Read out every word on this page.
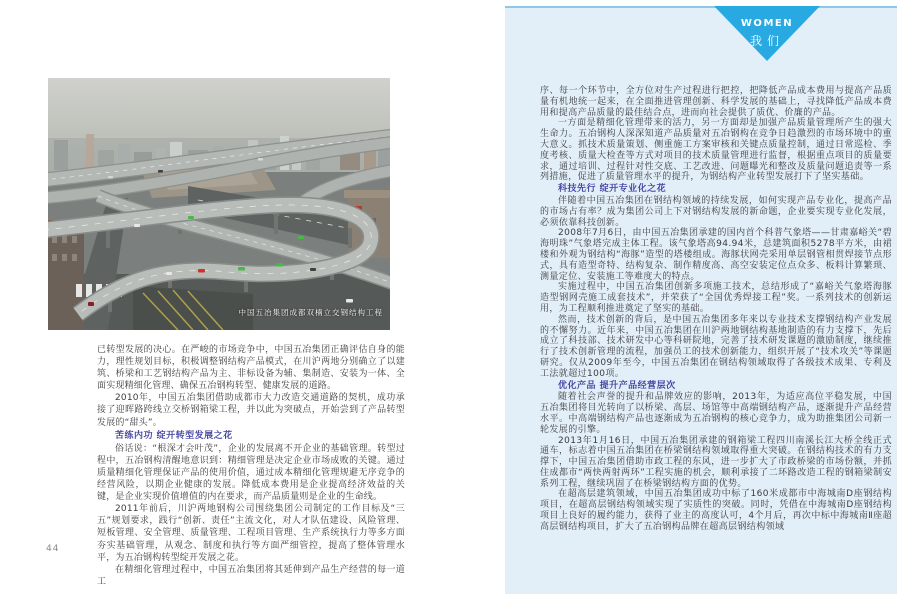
中国五冶集团成都双楠立交钢结构工程

已转型发展的决心。在严峻的市场竞争中，中国五冶集团正确评估自身的能力，理性规划目标，积极调整钢结构产品模式，在川沪两地分别确立了以建筑、桥梁和工艺钢结构产品为主、非标设备为辅、集制造、安装为一体、全面实现精细化管理、确保五冶钢构转型、健康发展的道路。

2010年，中国五冶集团借助成都市大力改造交通道路的契机，成功承接了迎晖路跨线立交桥钢箱梁工程，并以此为突破点，开始尝到了产品转型发展的“甜头”。

苦练内功 绽开转型发展之花

俗话说：“根深才会叶茂”，企业的发展离不开企业的基础管理。转型过程中，五冶钢构清醒地意识到：精细管理是决定企业市场成败的关键。通过质量精细化管理保证产品的使用价值，通过成本精细化管理规避无序竞争的经营风险，以期企业健康的发展。降低成本费用是企业提高经济效益的关键，是企业实现价值增值的内在要求，而产品质量则是企业的生命线。

2011年前后，川沪两地钢构公司围绕集团公司制定的工作目标及“三五”规划要求，践行“创新、责任”主流文化，对人才队伍建设、风险管理、短板管理、安全管理、质量管理、工程项目管理、生产系统执行力等多方面夯实基础管理，从观念、制度和执行等方面严细管控，提高了整体管理水平，为五冶钢构转型绽开发展之花。

在精细化管理过程中，中国五冶集团将其延伸到产品生产经营的每一道工

44
WOMEN
我们

序、每一个环节中，全方位对生产过程进行把控，把降低产品成本费用与提高产品质量有机地统一起来，在全面推进管理创新、科学发展的基础上，寻找降低产品成本费用和提高产品质量的最佳结合点，进而向社会提供了质优、价廉的产品。

一方面是精细化管理带来的活力，另一方面却是加强产品质量管理所产生的强大生命力。五冶钢构人深深知道产品质量对五冶钢构在竞争日趋激烈的市场环境中的重大意义。抓技术质量策划、侧重施工方案审核和关键点质量控制，通过日常巡检、季度考核、质量大检查等方式对项目的技术质量管理进行监督，根据重点项目的质量要求，通过培训、过程针对性交底、工艺改进、问题曝光和整改及质量问题追责等一系列措施，促进了质量管理水平的提升，为钢结构产业转型发展打下了坚实基础。

科技先行 绽开专业化之花

伴随着中国五冶集团在钢结构领域的持续发展，如何实现产品专业化，提高产品的市场占有率？成为集团公司上下对钢结构发展的新命题，企业要实现专业化发展，必须依靠科技创新。

2008年7月6日，由中国五冶集团承建的国内首个科普气象塔——甘肃嘉峪关“碧海明珠”气象塔完成主体工程。该气象塔高94.94米，总建筑面积5278平方米，由裙楼和外观为钢结构“海豚”造型的塔楼组成。海豚状网壳采用单层钢管相贯焊接节点形式，具有造型奇特、结构复杂、制作精度高、高空安装定位点众多、板料计算繁琐、测量定位、安装施工等难度大的特点。

实施过程中，中国五冶集团创新多项施工技术，总结形成了“嘉峪关气象塔海豚造型钢网壳施工成套技术”，并荣获了“全国优秀焊接工程”奖。一系列技术的创新运用，为工程顺利推进奠定了坚实的基础。

然而，技术创新的背后，是中国五冶集团多年来以专业技术支撑钢结构产业发展的不懈努力。近年来，中国五冶集团在川沪两地钢结构基地制造的有力支撑下，先后成立了科技部、技术研发中心等科研院地，完善了技术研发课题的激励制度，继续推行了技术创新管理的流程，加强员工的技术创新能力，组织开展了“技术攻关”等课题研究。仅从2009年至今，中国五冶集团在钢结构领域取得了各级技术成果、专利及工法就超过100项。

优化产品 提升产品经营层次

随着社会声誉的提升和品牌效应的影响，2013年，为适应高位平稳发展，中国五冶集团将目光转向了以桥梁、高层、场馆等中高端钢结构产品，逐渐提升产品经营水平。中高端钢结构产品也逐渐成为五冶钢构的核心竞争力，成为助推集团公司新一轮发展的引擎。

2013年1月16日，中国五冶集团承建的钢箱梁工程四川南溪长江大桥全线正式通车，标志着中国五冶集团在桥梁钢结构领域取得重大突破。在钢结构技术的有力支撑下，中国五冶集团借助市政工程的东风，进一步扩大了市政桥梁的市场份额，并抓住成都市“两快两射两环”工程实施的机会，顺利承接了二环路改造工程的钢箱梁制安系列工程，继续巩固了在桥梁钢结构方面的优势。

在超高层建筑领域，中国五冶集团成功中标了160米成都市中海城南D座钢结构项目，在超高层钢结构领域实现了实质性的突破。同时，凭借在中海城南D座钢结构项目上良好的履约能力，获得了业主的高度认可，4个月后，再次中标中海城南Ⅱ座超高层钢结构项目，扩大了五冶钢构品牌在超高层钢结构领域
